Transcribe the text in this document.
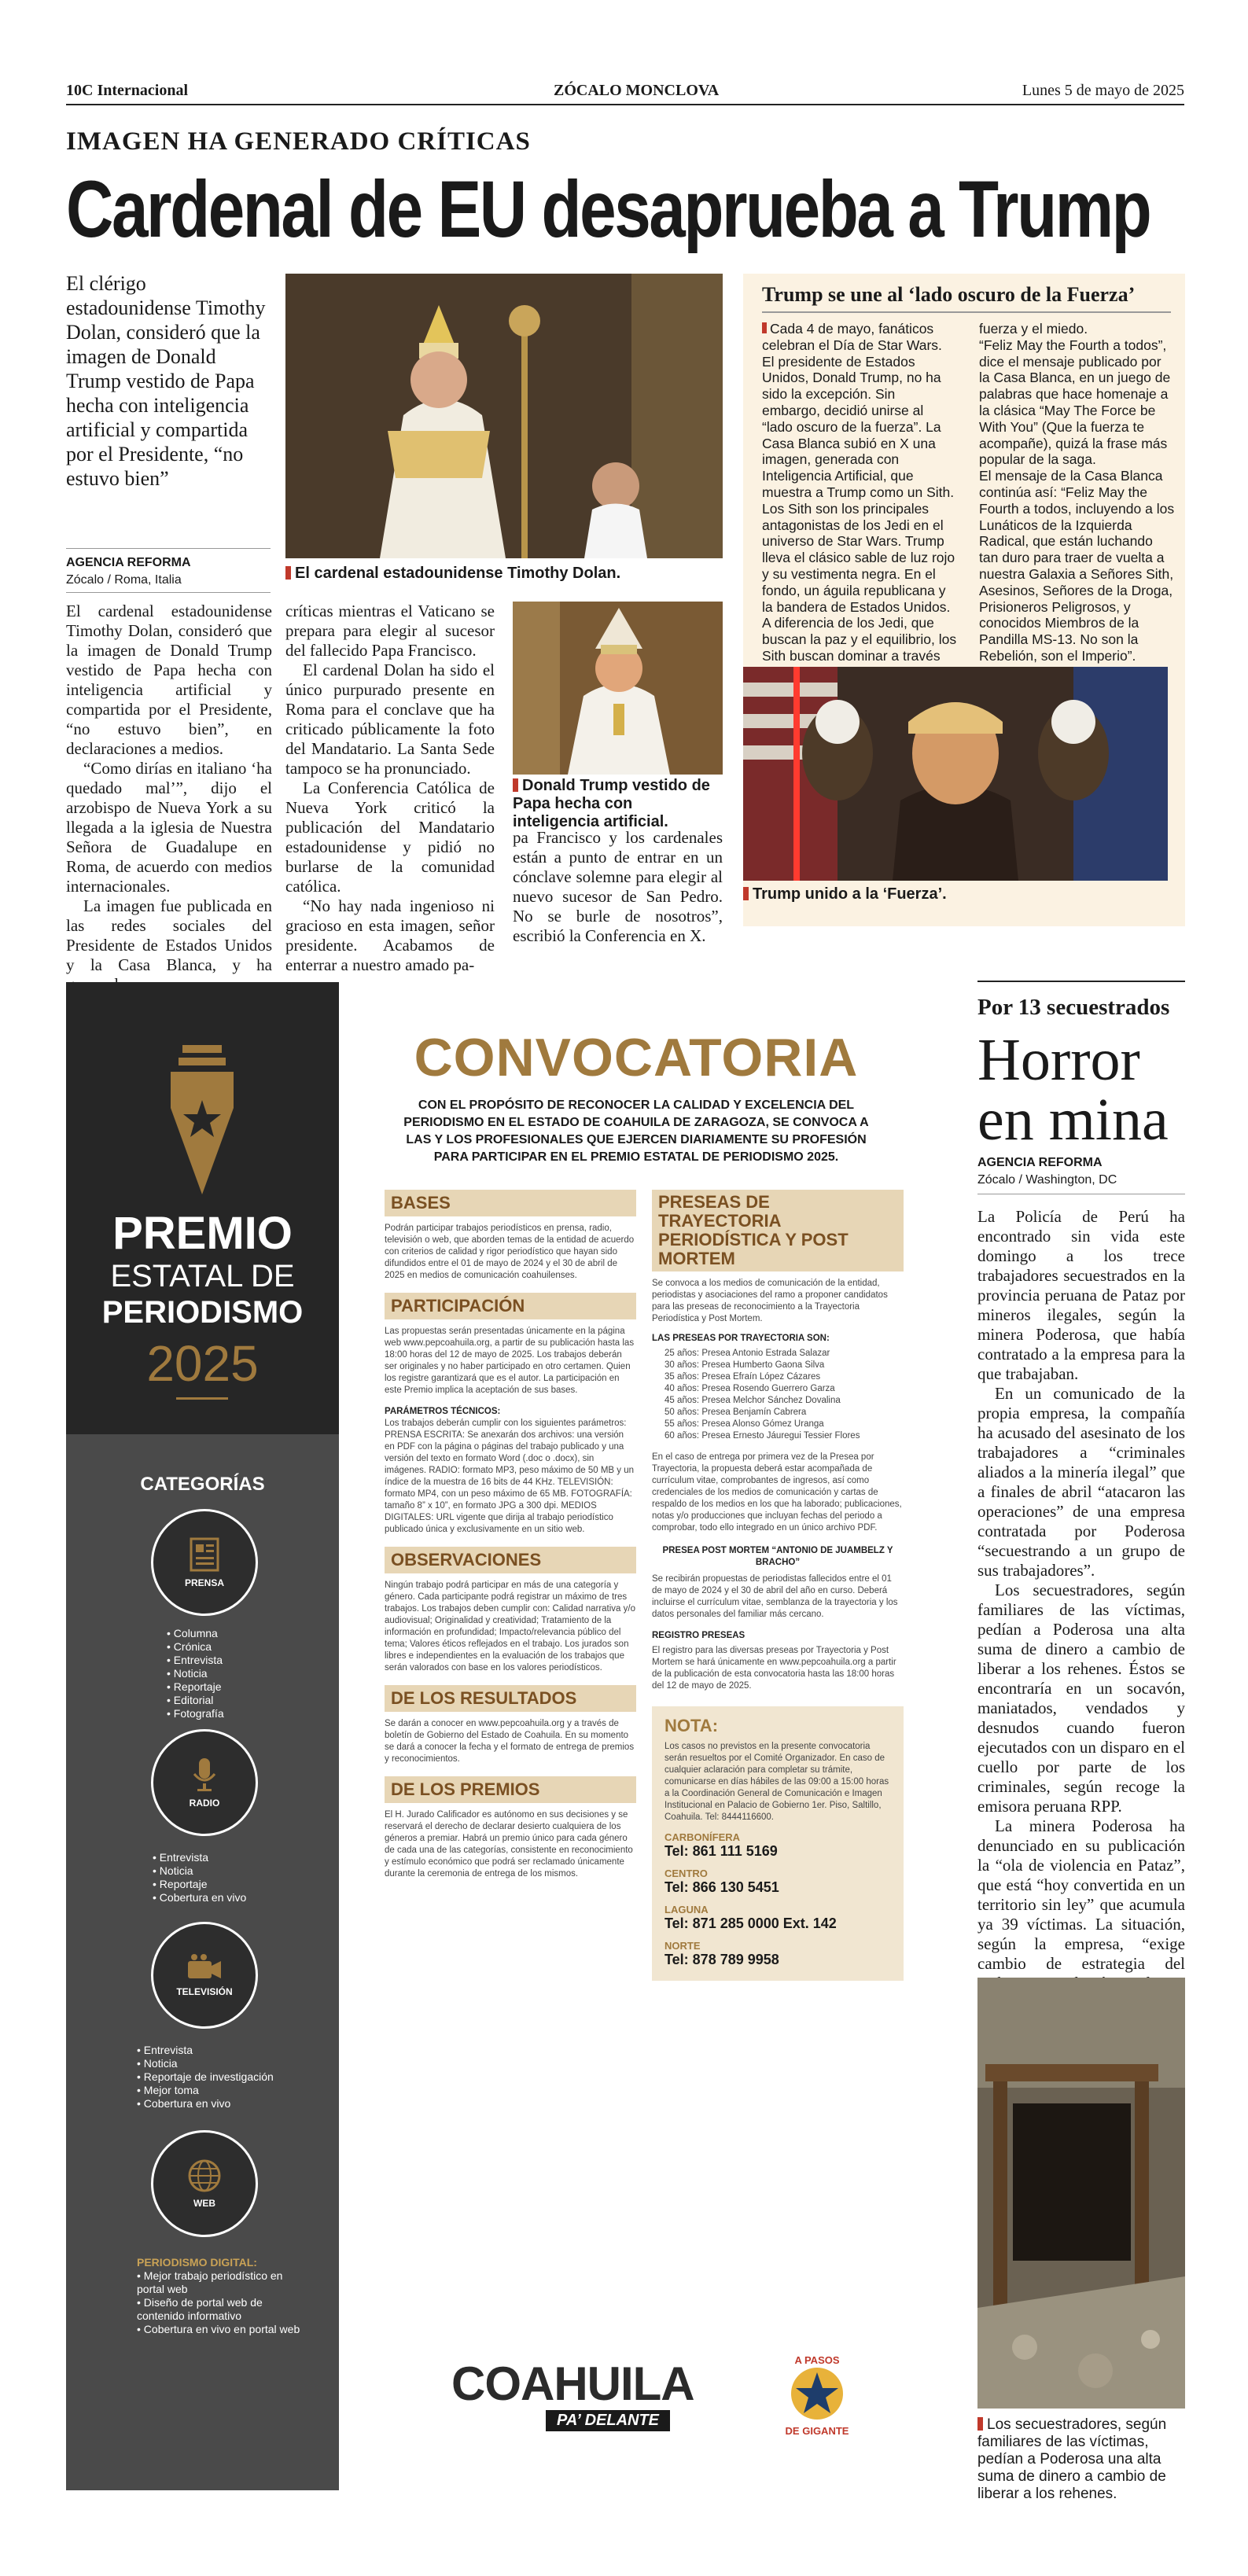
10C Internacional	ZÓCALO MONCLOVA	Lunes 5 de mayo de 2025
IMAGEN HA GENERADO CRÍTICAS
Cardenal de EU desaprueba a Trump
El clérigo estadounidense Timothy Dolan, consideró que la imagen de Donald Trump vestido de Papa hecha con inteligencia artificial y compartida por el Presidente, “no estuvo bien”
AGENCIA REFORMA
Zócalo / Roma, Italia	El cardenal estadounidense Timothy Dolan.

El cardenal estadounidense Timothy Dolan, consideró que la imagen de Donald Trump vestido de Papa hecha con inteligencia artificial y compartida por el Presidente, “no estuvo bien”, en declaraciones a medios.

“Como dirías en italiano ‘ha quedado mal’”, dijo el arzobispo de Nueva York a su llegada a la iglesia de Nuestra Señora de Guadalupe en Roma, de acuerdo con medios internacionales.

La imagen fue publicada en las redes sociales del Presidente de Estados Unidos y la Casa Blanca, y ha

críticas mientras el Vaticano se prepara para elegir al sucesor del fallecido Papa Francisco.

El cardenal Dolan ha sido el único purpurado presente en Roma para el conclave que ha criticado públicamente la foto del Mandatario. La Santa Sede tampoco se ha pronunciado.

La Conferencia Católica de Nueva York criticó la publicación del Mandatario estadounidense y pidió no burlarse de la comunidad católica.

“No hay nada ingenioso ni gracioso en esta imagen, señor presidente. Acabamos de enterrar a nuestro amado pa-

Donald Trump vestido de Papa hecha con inteligencia artificial.

pa Francisco y los cardenales están a punto de entrar en un cónclave solemne para elegir al nuevo sucesor de San Pedro. No se burle de nosotros”, escribió la Conferencia en X.

Trump se une al ‘lado oscuro de la Fuerza’

Cada 4 de mayo, fanáticos celebran el Día de Star Wars. El presidente de Estados Unidos, Donald Trump, no ha sido la excepción. Sin embargo, decidió unirse al “lado oscuro de la fuerza”. La Casa Blanca subió en X una imagen, generada con Inteligencia Artificial, que muestra a Trump como un Sith.

Los Sith son los principales antagonistas de los Jedi en el universo de Star Wars. Trump lleva el clásico sable de luz rojo y su vestimenta negra. En el fondo, un águila republicana y la bandera de Estados Unidos.

A diferencia de los Jedi, que buscan la paz y el equilibrio, los Sith buscan dominar a través

fuerza y el miedo.

“Feliz May the Fourth a todos”, dice el mensaje publicado por la Casa Blanca, en un juego de palabras que hace homenaje a la clásica “May The Force be With You” (Que la fuerza te acompañe), quizá la frase más popular de la saga.

El mensaje de la Casa Blanca continúa así: “Feliz May the Fourth a todos, incluyendo a los Lunáticos de la Izquierda Radical, que están luchando tan duro para traer de vuelta a nuestra Galaxia a Señores Sith, Asesinos, Señores de la Droga, Prisioneros Peligrosos, y conocidos Miembros de la Pandilla MS-13. No son la Rebelión, son el Imperio”.

Trump unido a la ‘Fuerza’.
PREMIO
ESTATAL DE
PERIODISMO
2025
CATEGORÍAS
PRENSA
• Columna
• Crónica
• Entrevista
• Noticia
• Reportaje
• Editorial
• Fotografía
RADIO
• Entrevista
• Noticia
• Reportaje
• Cobertura en vivo
TELEVISIÓN
• Entrevista
• Noticia
• Reportaje de investigación
• Mejor toma
• Cobertura en vivo
WEB
PERIODISMO DIGITAL:
• Mejor trabajo periodístico en portal web
• Diseño de portal web de contenido informativo
• Cobertura en vivo en portal web
CONVOCATORIA
CON EL PROPÓSITO DE RECONOCER LA CALIDAD Y EXCELENCIA DEL PERIODISMO EN EL ESTADO DE COAHUILA DE ZARAGOZA, SE CONVOCA A LAS Y LOS PROFESIONALES QUE EJERCEN DIARIAMENTE SU PROFESIÓN PARA PARTICIPAR EN EL PREMIO ESTATAL DE PERIODISMO 2025.
BASES
Podrán participar trabajos periodísticos en prensa, radio, televisión o web, que aborden temas de la entidad de acuerdo con criterios de calidad y rigor periodístico que hayan sido difundidos entre el 01 de mayo de 2024 y el 30 de abril de 2025 en medios de comunicación coahuilenses.
PARTICIPACIÓN
Las propuestas serán presentadas únicamente en la página web www.pepcoahuila.org, a partir de su publicación hasta las 18:00 horas del 12 de mayo de 2025. Los trabajos deberán ser originales y no haber participado en otro certamen. Quien los registre garantizará que es el autor. La participación en este Premio implica la aceptación de sus bases.
PARÁMETROS TÉCNICOS:
Los trabajos deberán cumplir con los siguientes parámetros: PRENSA ESCRITA: Se anexarán dos archivos: una versión en PDF con la página o páginas del trabajo publicado y una versión del texto en formato Word (.doc o .docx), sin imágenes. RADIO: formato MP3, peso máximo de 50 MB y un índice de la muestra de 16 bits de 44 KHz. TELEVISIÓN: formato MP4, con un peso máximo de 65 MB. FOTOGRAFÍA: tamaño 8” x 10”, en formato JPG a 300 dpi. MEDIOS DIGITALES: URL vigente que dirija al trabajo periodístico publicado única y exclusivamente en un sitio web.
OBSERVACIONES
Ningún trabajo podrá participar en más de una categoría y género. Cada participante podrá registrar un máximo de tres trabajos. Los trabajos deben cumplir con: Calidad narrativa y/o audiovisual; Originalidad y creatividad; Tratamiento de la información en profundidad; Impacto/relevancia público del tema; Valores éticos reflejados en el trabajo. Los jurados son libres e independientes en la evaluación de los trabajos que serán valorados con base en los valores periodísticos.
DE LOS RESULTADOS
Se darán a conocer en www.pepcoahuila.org y a través de boletín de Gobierno del Estado de Coahuila. En su momento se dará a conocer la fecha y el formato de entrega de premios y reconocimientos.
DE LOS PREMIOS
El H. Jurado Calificador es autónomo en sus decisiones y se reservará el derecho de declarar desierto cualquiera de los géneros a premiar. Habrá un premio único para cada género de cada una de las categorías, consistente en reconocimiento y estímulo económico que podrá ser reclamado únicamente durante la ceremonia de entrega de los mismos.
PRESEAS DE TRAYECTORIA PERIODÍSTICA Y POST MORTEM
Se convoca a los medios de comunicación de la entidad, periodistas y asociaciones del ramo a proponer candidatos para las preseas de reconocimiento a la Trayectoria Periodística y Post Mortem.
LAS PRESEAS POR TRAYECTORIA SON:
25 años: Presea Antonio Estrada Salazar
30 años: Presea Humberto Gaona Silva
35 años: Presea Efraín López Cázares
40 años: Presea Rosendo Guerrero Garza
45 años: Presea Melchor Sánchez Dovalina
50 años: Presea Benjamín Cabrera
55 años: Presea Alonso Gómez Uranga
60 años: Presea Ernesto Jáuregui Tessier Flores
En el caso de entrega por primera vez de la Presea por Trayectoria, la propuesta deberá estar acompañada de currículum vitae, comprobantes de ingresos, así como credenciales de los medios de comunicación y cartas de respaldo de los medios en los que ha laborado; publicaciones, notas y/o producciones que incluyan fechas del periodo a comprobar, todo ello integrado en un único archivo PDF.
PRESEA POST MORTEM “ANTONIO DE JUAMBELZ Y BRACHO”
Se recibirán propuestas de periodistas fallecidos entre el 01 de mayo de 2024 y el 30 de abril del año en curso. Deberá incluirse el currículum vitae, semblanza de la trayectoria y los datos personales del familiar más cercano.
REGISTRO PRESEAS
El registro para las diversas preseas por Trayectoria y Post Mortem se hará únicamente en www.pepcoahuila.org a partir de la publicación de esta convocatoria hasta las 18:00 horas del 12 de mayo de 2025.
NOTA:
Los casos no previstos en la presente convocatoria serán resueltos por el Comité Organizador. En caso de cualquier aclaración para completar su trámite, comunicarse en días hábiles de las 09:00 a 15:00 horas a la Coordinación General de Comunicación e Imagen Institucional en Palacio de Gobierno 1er. Piso, Saltillo, Coahuila. Tel: 8444116600.
CARBONÍFERA
Tel: 861 111 5169
CENTRO
Tel: 866 130 5451
LAGUNA
Tel: 871 285 0000 Ext. 142
NORTE
Tel: 878 789 9958
COAHUILA
PA’ DELANTE
A PASOS
DE GIGANTE
Por 13 secuestrados
Horror en mina
AGENCIA REFORMA
Zócalo / Washington, DC

La Policía de Perú ha encontrado sin vida este domingo a los trece trabajadores secuestrados en la provincia peruana de Pataz por mineros ilegales, según la minera Poderosa, que había contratado a la empresa para la que trabajaban.

En un comunicado de la propia empresa, la compañía ha acusado del asesinato de los trabajadores a “criminales aliados a la minería ilegal” que a finales de abril “atacaron las operaciones” de una empresa contratada por Poderosa “secuestrando a un grupo de sus trabajadores”.

Los secuestradores, según familiares de las víctimas, pedían a Poderosa una alta suma de dinero a cambio de liberar a los rehenes. Éstos se encontraría en un socavón, maniatados, vendados y desnudos cuando fueron ejecutados con un disparo en el cuello por parte de los criminales, según recoge la emisora peruana RPP.

La minera Poderosa ha denunciado en su publicación la “ola de violencia en Pataz”, que está “hoy convertida en un territorio sin ley” que acumula ya 39 víctimas. La situación, según la empresa, “exige cambio de estrategia del

Los secuestradores, según familiares de las víctimas, pedían a Poderosa una alta suma de dinero a cambio de liberar a los rehenes.
